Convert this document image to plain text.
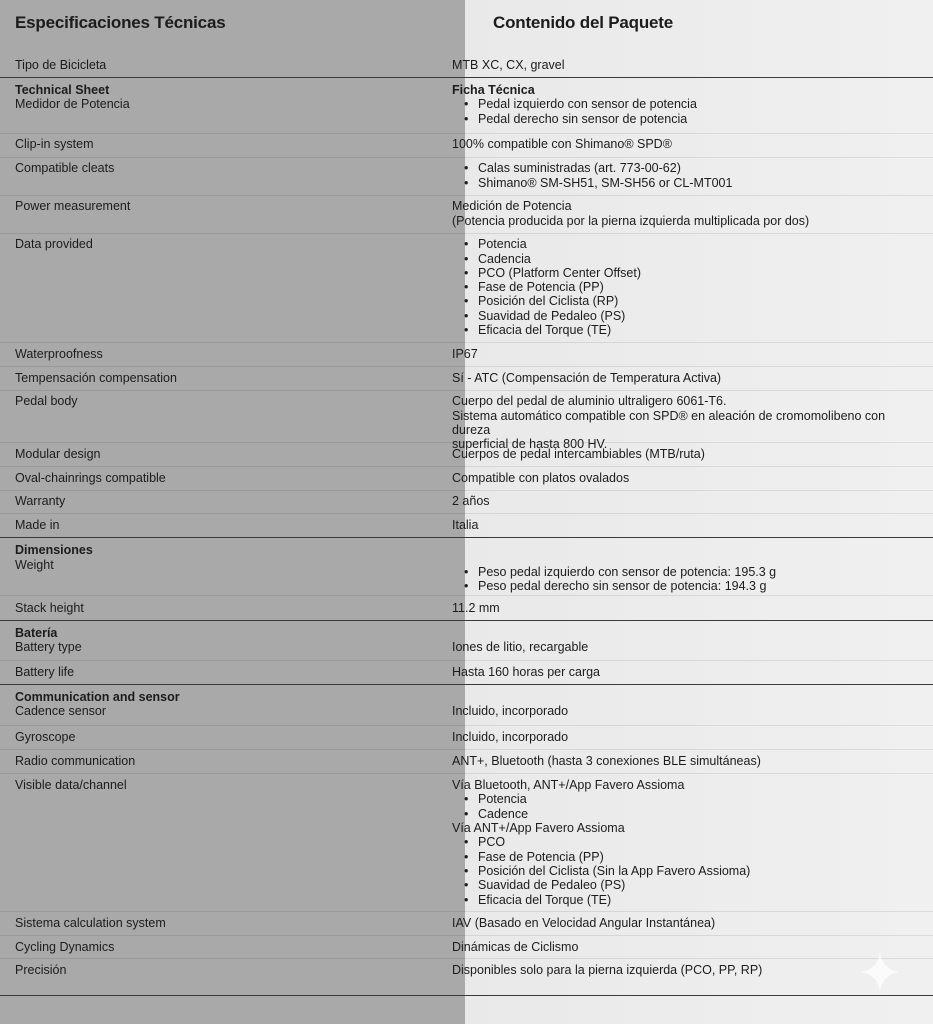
Especificaciones Técnicas	Contenido del Paquete
Tipo de Bicicleta	MTB XC, CX, gravel
Technical Sheet	Ficha Técnica
Medidor de Potencia	• Pedal izquierdo con sensor de potencia
• Pedal derecho sin sensor de potencia
Clip-in system	100% compatible con Shimano® SPD®
Compatible cleats	• Calas suministradas (art. 773-00-62)
• Shimano® SM-SH51, SM-SH56 or CL-MT001
Power measurement	Medición de Potencia
(Potencia producida por la pierna izquierda multiplicada por dos)
Data provided	• Potencia
• Cadencia
• PCO (Platform Center Offset)
• Fase de Potencia (PP)
• Posición del Ciclista (RP)
• Suavidad de Pedaleo (PS)
• Eficacia del Torque (TE)
Waterproofness	IP67
Tempensación compensation	Sí - ATC (Compensación de Temperatura Activa)
Pedal body	Cuerpo del pedal de aluminio ultraligero 6061-T6.
Sistema automático compatible con SPD® en aleación de cromomolibeno con dureza
superficial de hasta 800 HV.
Modular design	Cuerpos de pedal intercambiables (MTB/ruta)
Oval-chainrings compatible	Compatible con platos ovalados
Warranty	2 años
Made in	Italia
Dimensiones
Weight	• Peso pedal izquierdo con sensor de potencia: 195.3 g
• Peso pedal derecho sin sensor de potencia: 194.3 g
Stack height	11.2 mm
Batería
Battery type	Iones de litio, recargable
Battery life	Hasta 160 horas per carga
Communication and sensor
Cadence sensor	Incluido, incorporado
Gyroscope	Incluido, incorporado
Radio communication	ANT+, Bluetooth (hasta 3 conexiones BLE simultáneas)
Visible data/channel	Vía Bluetooth, ANT+/App Favero Assioma
• Potencia
• Cadence
Vía ANT+/App Favero Assioma
• PCO
• Fase de Potencia (PP)
• Posición del Ciclista (Sin la App Favero Assioma)
• Suavidad de Pedaleo (PS)
• Eficacia del Torque (TE)
Sistema calculation system	IAV (Basado en Velocidad Angular Instantánea)
Cycling Dynamics	Dinámicas de Ciclismo
Precisión	Disponibles solo para la pierna izquierda (PCO, PP, RP)
